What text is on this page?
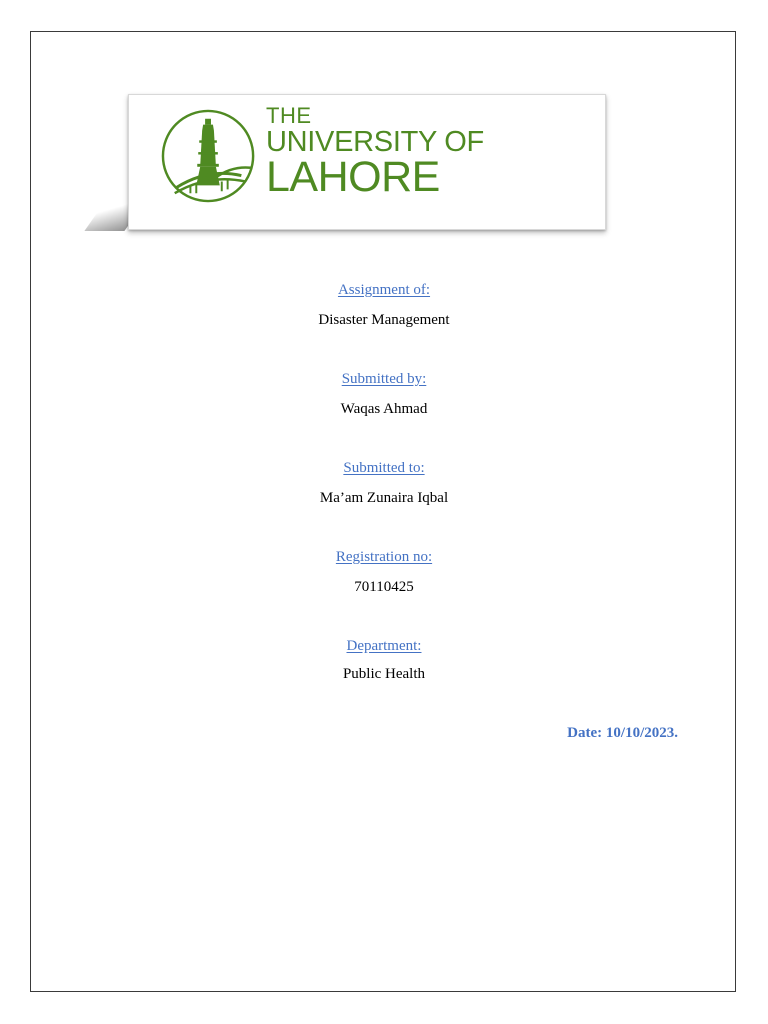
THE
UNIVERSITY OF
LAHORE
Assignment of:
Disaster Management
Submitted by:
Waqas Ahmad
Submitted to:
Ma’am Zunaira Iqbal
Registration no:
70110425
Department:
Public Health
Date: 10/10/2023.
